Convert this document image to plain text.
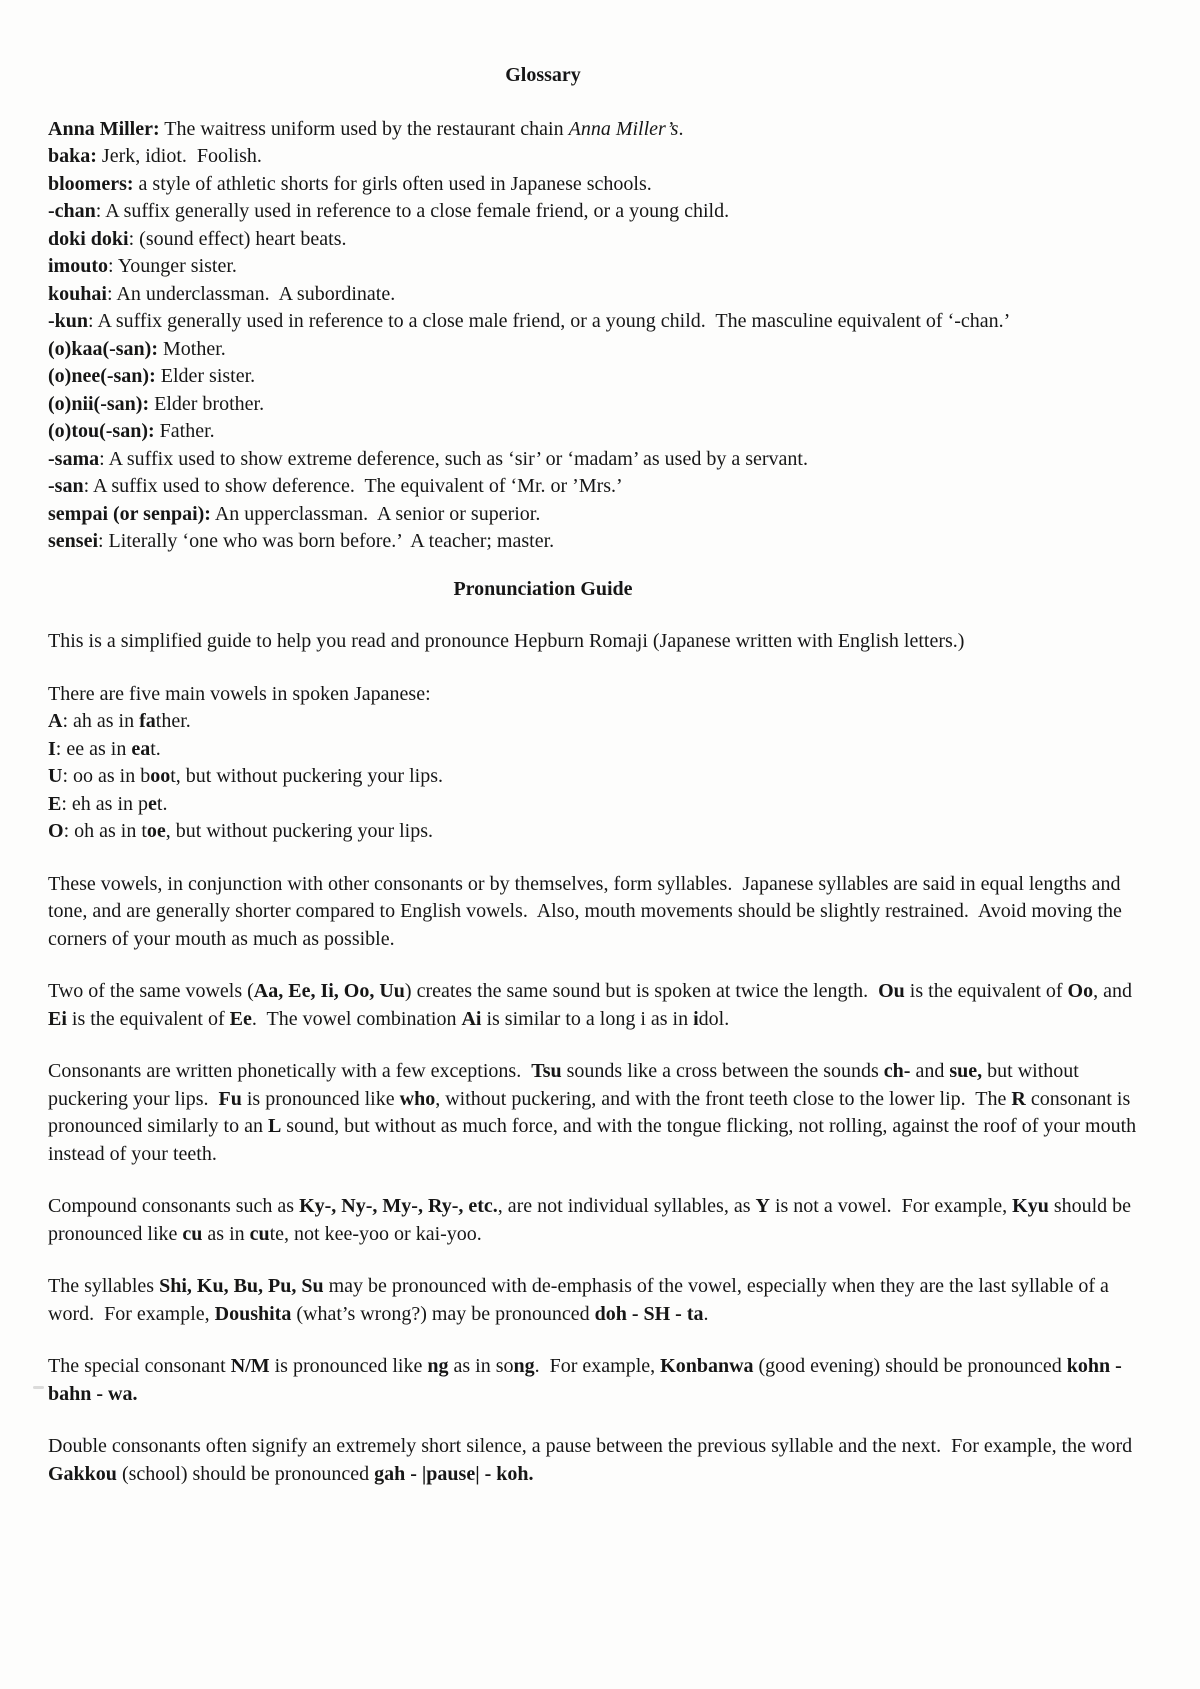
Glossary
Anna Miller: The waitress uniform used by the restaurant chain Anna Miller’s.
baka: Jerk, idiot.  Foolish.
bloomers: a style of athletic shorts for girls often used in Japanese schools.
-chan: A suffix generally used in reference to a close female friend, or a young child.
doki doki: (sound effect) heart beats.
imouto: Younger sister.
kouhai: An underclassman.  A subordinate.
-kun: A suffix generally used in reference to a close male friend, or a young child.  The masculine equivalent of ‘-chan.’
(o)kaa(-san): Mother.
(o)nee(-san): Elder sister.
(o)nii(-san): Elder brother.
(o)tou(-san): Father.
-sama: A suffix used to show extreme deference, such as ‘sir’ or ‘madam’ as used by a servant.
-san: A suffix used to show deference.  The equivalent of ‘Mr. or ’Mrs.’
sempai (or senpai): An upperclassman.  A senior or superior.
sensei: Literally ‘one who was born before.’  A teacher; master.
Pronunciation Guide
This is a simplified guide to help you read and pronounce Hepburn Romaji (Japanese written with English letters.)
There are five main vowels in spoken Japanese:
A: ah as in father.
I: ee as in eat.
U: oo as in boot, but without puckering your lips.
E: eh as in pet.
O: oh as in toe, but without puckering your lips.
These vowels, in conjunction with other consonants or by themselves, form syllables.  Japanese syllables are said in equal lengths and tone, and are generally shorter compared to English vowels.  Also, mouth movements should be slightly restrained.  Avoid moving the corners of your mouth as much as possible.
Two of the same vowels (Aa, Ee, Ii, Oo, Uu) creates the same sound but is spoken at twice the length.  Ou is the equivalent of Oo, and Ei is the equivalent of Ee.  The vowel combination Ai is similar to a long i as in idol.
Consonants are written phonetically with a few exceptions.  Tsu sounds like a cross between the sounds ch- and sue, but without puckering your lips.  Fu is pronounced like who, without puckering, and with the front teeth close to the lower lip.  The R consonant is pronounced similarly to an L sound, but without as much force, and with the tongue flicking, not rolling, against the roof of your mouth instead of your teeth.
Compound consonants such as Ky-, Ny-, My-, Ry-, etc., are not individual syllables, as Y is not a vowel.  For example, Kyu should be pronounced like cu as in cute, not kee-yoo or kai-yoo.
The syllables Shi, Ku, Bu, Pu, Su may be pronounced with de-emphasis of the vowel, especially when they are the last syllable of a word.  For example, Doushita (what’s wrong?) may be pronounced doh - SH - ta.
The special consonant N/M is pronounced like ng as in song.  For example, Konbanwa (good evening) should be pronounced kohn - bahn - wa.
Double consonants often signify an extremely short silence, a pause between the previous syllable and the next.  For example, the word Gakkou (school) should be pronounced gah - |pause| - koh.
